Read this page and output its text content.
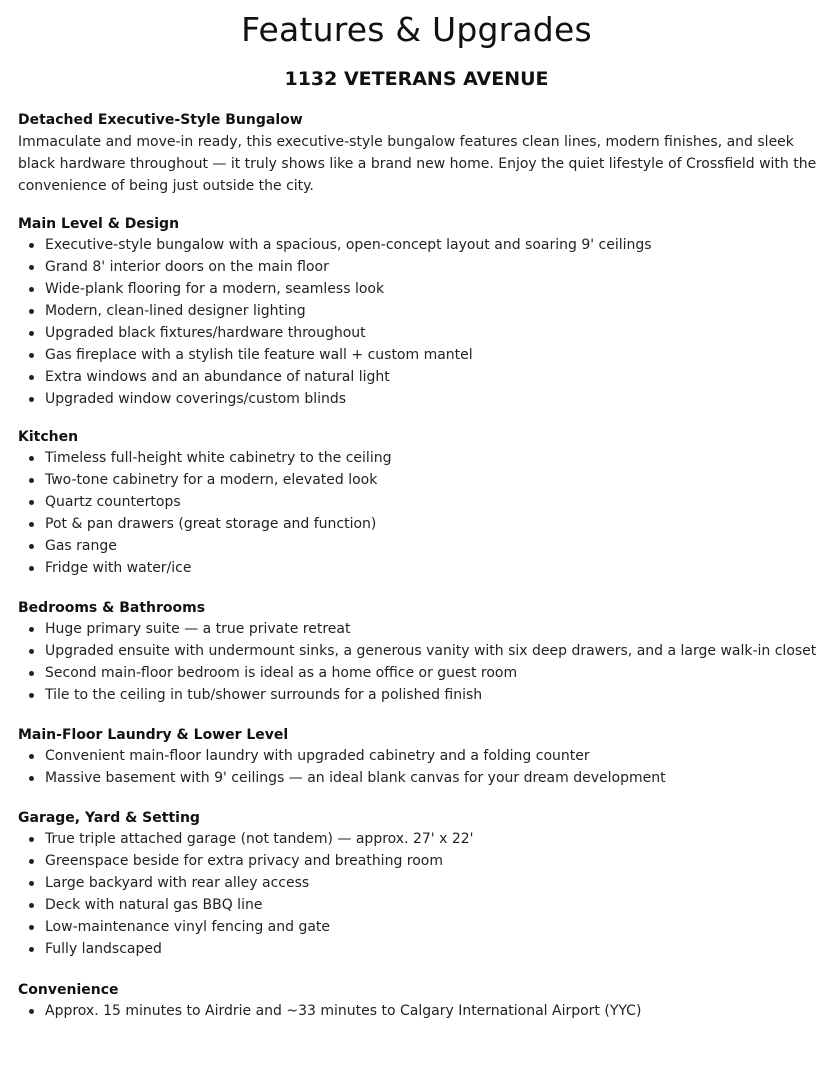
Features & Upgrades
1132 VETERANS AVENUE
Detached Executive-Style Bungalow

Immaculate and move-in ready, this executive-style bungalow features clean lines, modern finishes, and sleek black hardware throughout — it truly shows like a brand new home. Enjoy the quiet lifestyle of Crossfield with the convenience of being just outside the city.

Main Level & Design
Executive-style bungalow with a spacious, open-concept layout and soaring 9' ceilings
Grand 8' interior doors on the main floor
Wide-plank flooring for a modern, seamless look
Modern, clean-lined designer lighting
Upgraded black fixtures/hardware throughout
Gas fireplace with a stylish tile feature wall + custom mantel
Extra windows and an abundance of natural light
Upgraded window coverings/custom blinds
Kitchen
Timeless full-height white cabinetry to the ceiling
Two-tone cabinetry for a modern, elevated look
Quartz countertops
Pot & pan drawers (great storage and function)
Gas range
Fridge with water/ice
Bedrooms & Bathrooms
Huge primary suite — a true private retreat
Upgraded ensuite with undermount sinks, a generous vanity with six deep drawers, and a large walk-in closet
Second main-floor bedroom is ideal as a home office or guest room
Tile to the ceiling in tub/shower surrounds for a polished finish
Main-Floor Laundry & Lower Level
Convenient main-floor laundry with upgraded cabinetry and a folding counter
Massive basement with 9' ceilings — an ideal blank canvas for your dream development
Garage, Yard & Setting
True triple attached garage (not tandem) — approx. 27' x 22'
Greenspace beside for extra privacy and breathing room
Large backyard with rear alley access
Deck with natural gas BBQ line
Low-maintenance vinyl fencing and gate
Fully landscaped
Convenience
Approx. 15 minutes to Airdrie and ~33 minutes to Calgary International Airport (YYC)
